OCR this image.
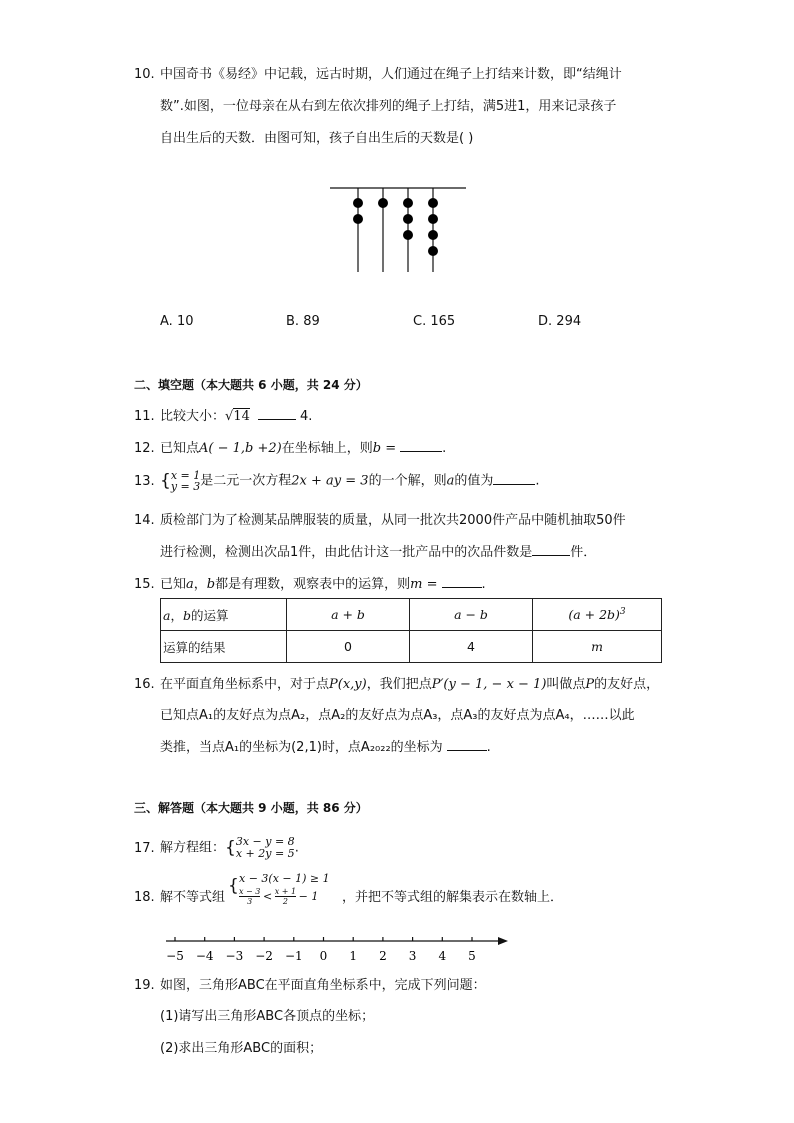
10. 中国奇书《易经》中记载，远古时期，人们通过在绳子上打结来计数，即“结绳计
数”.如图，一位母亲在从右到左依次排列的绳子上打结，满5进1，用来记录孩子
自出生后的天数．由图可知，孩子自出生后的天数是( )
A. 10	B. 89	C. 165	D. 294
二、填空题（本大题共 6 小题，共 24 分）
11. 比较大小：√14	4.
12. 已知点A( − 1,b +2)在坐标轴上，则b =	.
13. {x = 1
y = 3是二元一次方程2x + ay = 3的一个解，则a的值为	.
14. 质检部门为了检测某品牌服装的质量，从同一批次共2000件产品中随机抽取50件
进行检测，检测出次品1件，由此估计这一批产品中的次品件数是	件．
15. 已知a，b都是有理数，观察表中的运算，则m =	.
a，b的运算	a + b	a − b	$(a + 2b)^3$
运算的结果	0	4	m
16. 在平面直角坐标系中，对于点P(x,y)，我们把点P′(y − 1, − x − 1)叫做点P的友好点，
已知点A₁的友好点为点A₂，点A₂的友好点为点A₃，点A₃的友好点为点A₄，……以此
类推，当点A₁的坐标为(2,1)时，点A₂₀₂₂的坐标为	.
三、解答题（本大题共 9 小题，共 86 分）
17. 解方程组：{3x − y = 8
x + 2y = 5.
18. 解不等式组
{ x − 3(x − 1) ≥ 1
$\frac{x - 3}{3} < \frac{x + 1}{2} - 1$ ，并把不等式组的解集表示在数轴上．
−5 −4 −3 −2 −1 0 1 2 3 4 5
19. 如图，三角形ABC在平面直角坐标系中，完成下列问题：
(1)请写出三角形ABC各顶点的坐标；
(2)求出三角形ABC的面积；
